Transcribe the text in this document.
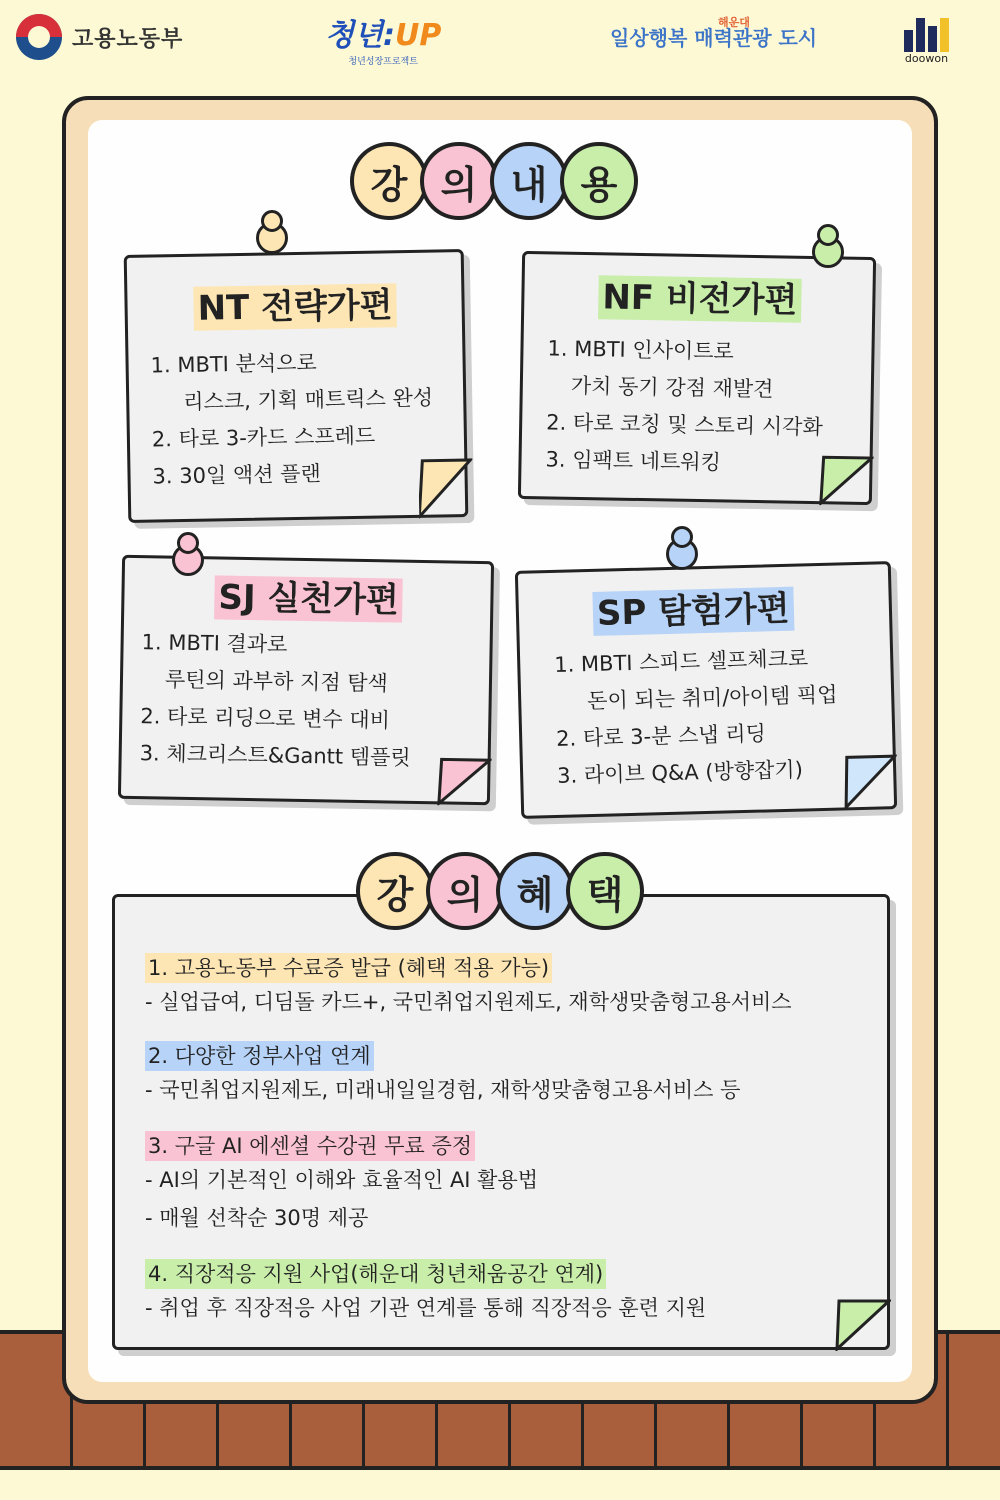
고용노동부	청년:UP
청년성장프로젝트
일상행복 매력관광 도시
해운대
doowon
강 의 내 용
NT 전략가편
1. MBTI 분석으로
리스크, 기획 매트릭스 완성
2. 타로 3-카드 스프레드
3. 30일 액션 플랜
NF 비전가편
1. MBTI 인사이트로
가치 동기 강점 재발견
2. 타로 코칭 및 스토리 시각화
3. 임팩트 네트워킹
SJ 실천가편
1. MBTI 결과로
루틴의 과부하 지점 탐색
2. 타로 리딩으로 변수 대비
3. 체크리스트&Gantt 템플릿
SP 탐험가편
1. MBTI 스피드 셀프체크로
돈이 되는 취미/아이템 픽업
2. 타로 3-분 스냅 리딩
3. 라이브 Q&A (방향잡기)
1. 고용노동부 수료증 발급 (혜택 적용 가능)
- 실업급여, 디딤돌 카드+, 국민취업지원제도, 재학생맞춤형고용서비스
2. 다양한 정부사업 연계
- 국민취업지원제도, 미래내일일경험, 재학생맞춤형고용서비스 등
3. 구글 AI 에센셜 수강권 무료 증정
- AI의 기본적인 이해와 효율적인 AI 활용법
- 매월 선착순 30명 제공
4. 직장적응 지원 사업(해운대 청년채움공간 연계)
- 취업 후 직장적응 사업 기관 연계를 통해 직장적응 훈련 지원
강 의 혜 택
